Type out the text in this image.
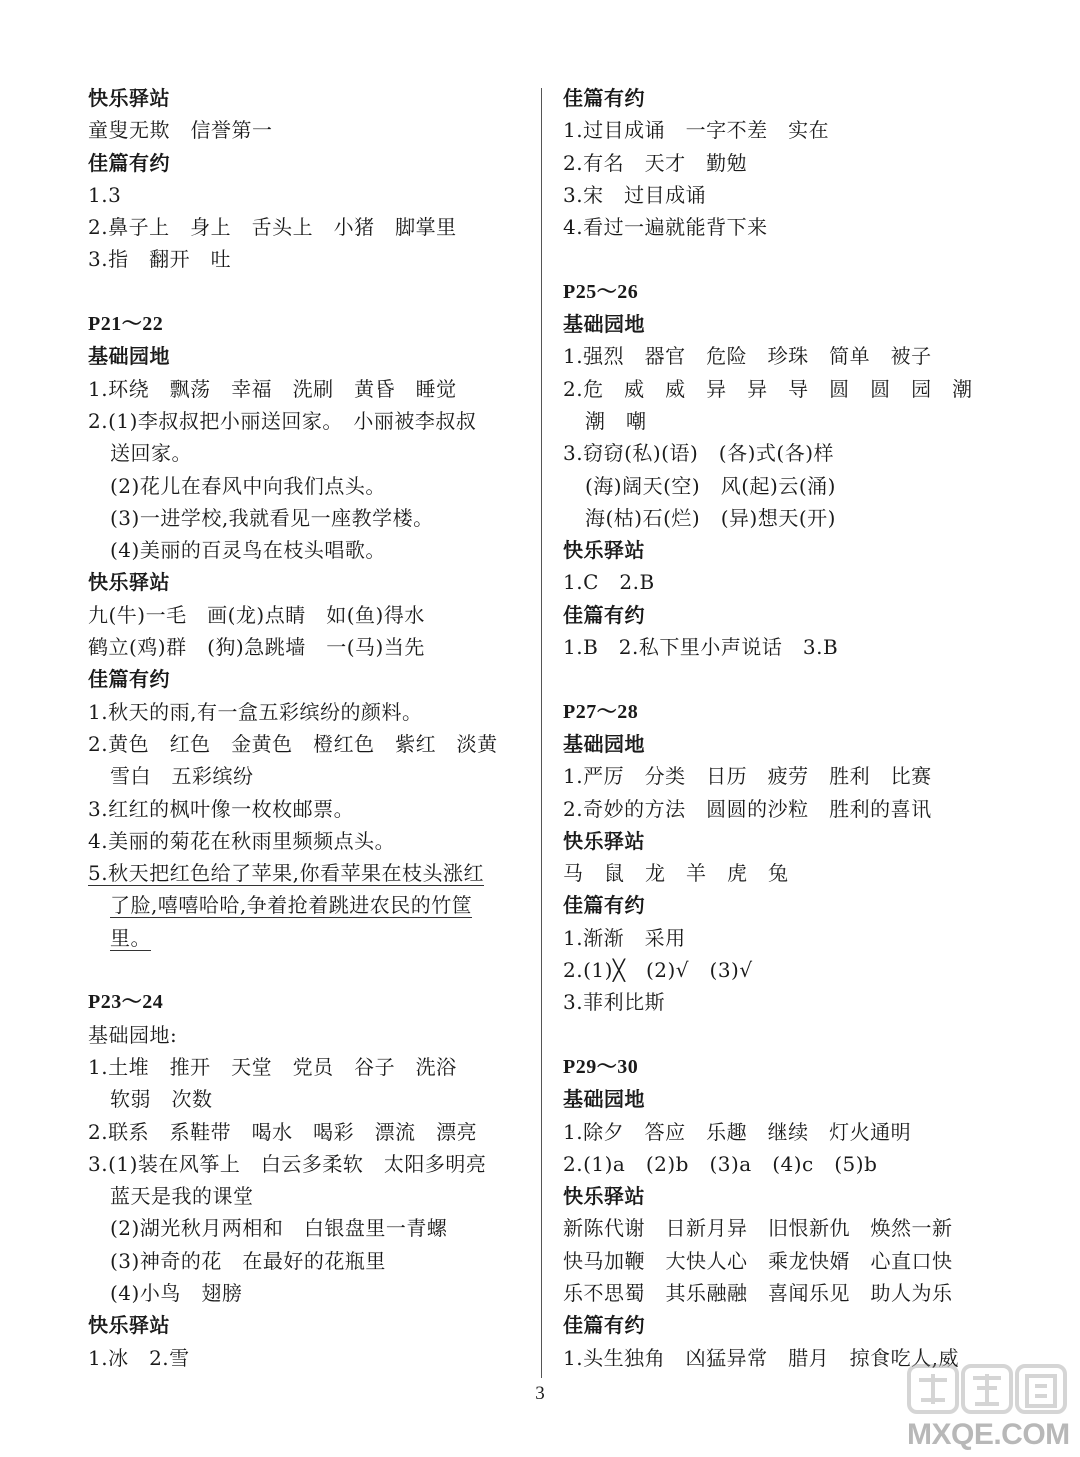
快乐驿站
童叟无欺　信誉第一
佳篇有约
1.3
2.鼻子上　身上　舌头上　小猪　脚掌里
3.指　翻开　吐
P21～22
基础园地
1.环绕　飘荡　幸福　洗刷　黄昏　睡觉
2.(1)李叔叔把小丽送回家。　小丽被李叔叔
送回家。
(2)花儿在春风中向我们点头。
(3)一进学校,我就看见一座教学楼。
(4)美丽的百灵鸟在枝头唱歌。
快乐驿站
九(牛)一毛　画(龙)点睛　如(鱼)得水
鹤立(鸡)群　(狗)急跳墙　一(马)当先
佳篇有约
1.秋天的雨,有一盒五彩缤纷的颜料。
2.黄色　红色　金黄色　橙红色　紫红　淡黄
雪白　五彩缤纷
3.红红的枫叶像一枚枚邮票。
4.美丽的菊花在秋雨里频频点头。
5.秋天把红色给了苹果,你看苹果在枝头涨红
了脸,嘻嘻哈哈,争着抢着跳进农民的竹筐
里。
P23～24
基础园地:
1.土堆　推开　天堂　党员　谷子　洗浴
软弱　次数
2.联系　系鞋带　喝水　喝彩　漂流　漂亮
3.(1)装在风筝上　白云多柔软　太阳多明亮
蓝天是我的课堂
(2)湖光秋月两相和　白银盘里一青螺
(3)神奇的花　在最好的花瓶里
(4)小鸟　翅膀
快乐驿站
1.冰　2.雪
佳篇有约
1.过目成诵　一字不差　实在
2.有名　天才　勤勉
3.宋　过目成诵
4.看过一遍就能背下来
P25～26
基础园地
1.强烈　器官　危险　珍珠　简单　被子
2.危　威　威　异　异　导　圆　圆　园　潮
潮　嘲
3.窃窃(私)(语)　(各)式(各)样
(海)阔天(空)　风(起)云(涌)
海(枯)石(烂)　(异)想天(开)
快乐驿站
1.C　2.B
佳篇有约
1.B　2.私下里小声说话　3.B
P27～28
基础园地
1.严厉　分类　日历　疲劳　胜利　比赛
2.奇妙的方法　圆圆的沙粒　胜利的喜讯
快乐驿站
马　鼠　龙　羊　虎　兔
佳篇有约
1.渐渐　采用
2.(1)╳　(2)√　(3)√
3.菲利比斯
P29～30
基础园地
1.除夕　答应　乐趣　继续　灯火通明
2.(1)a　(2)b　(3)a　(4)c　(5)b
快乐驿站
新陈代谢　日新月异　旧恨新仇　焕然一新
快马加鞭　大快人心　乘龙快婿　心直口快
乐不思蜀　其乐融融　喜闻乐见　助人为乐
佳篇有约
1.头生独角　凶猛异常　腊月　掠食吃人,威
3
MXQE.COM
